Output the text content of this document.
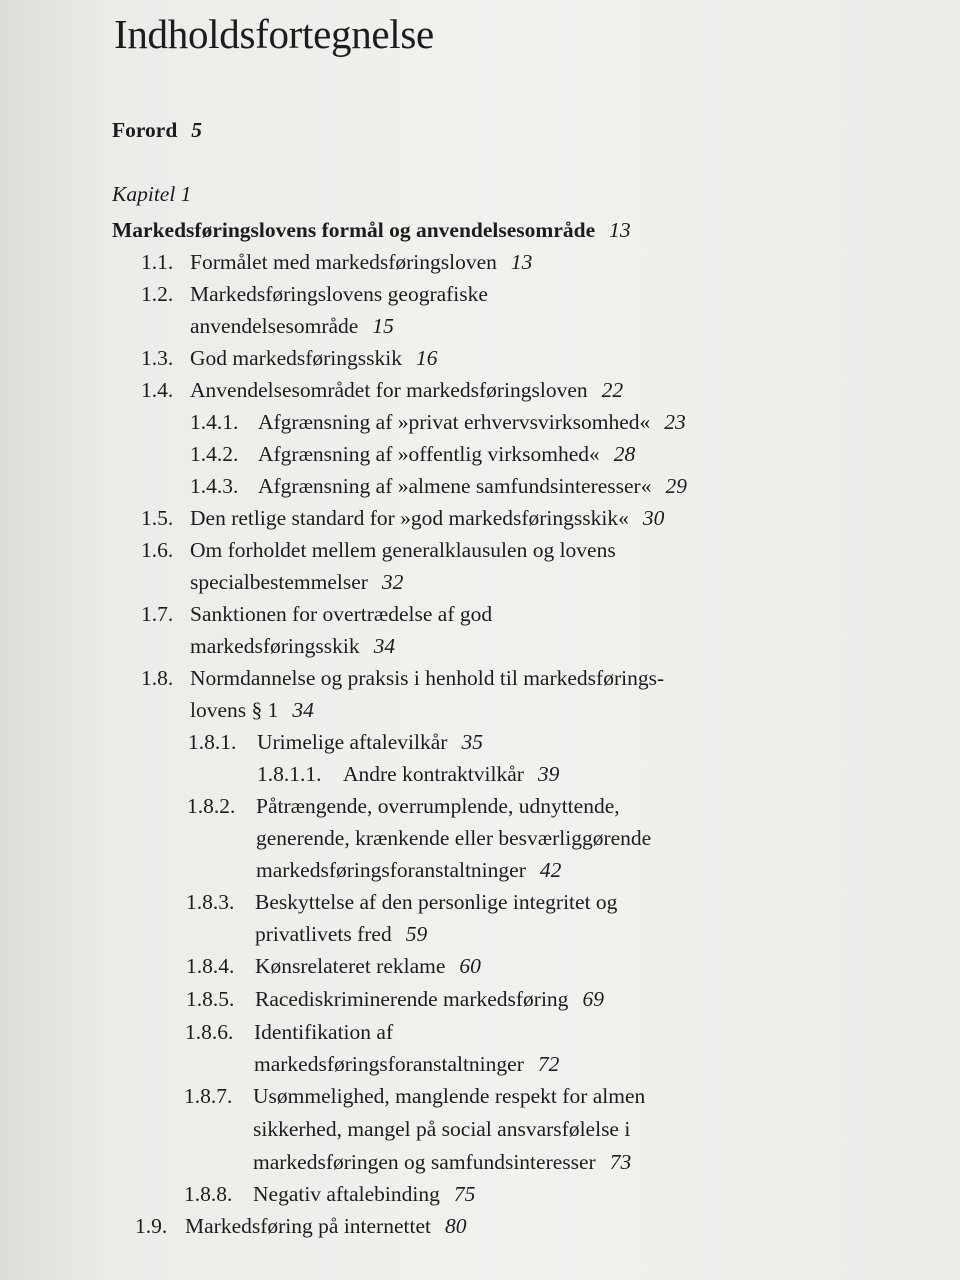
Indholdsfortegnelse
Forord 5
Kapitel 1
Markedsføringslovens formål og anvendelsesområde 13
1.1. Formålet med markedsføringsloven 13
1.2. Markedsføringslovens geografiske
anvendelsesområde 15
1.3. God markedsføringsskik 16
1.4. Anvendelsesområdet for markedsføringsloven 22
1.4.1. Afgrænsning af »privat erhvervsvirksomhed« 23
1.4.2. Afgrænsning af »offentlig virksomhed« 28
1.4.3. Afgrænsning af »almene samfundsinteresser« 29
1.5. Den retlige standard for »god markedsføringsskik« 30
1.6. Om forholdet mellem generalklausulen og lovens
specialbestemmelser 32
1.7. Sanktionen for overtrædelse af god
markedsføringsskik 34
1.8. Normdannelse og praksis i henhold til markedsførings-
lovens § 1 34
1.8.1. Urimelige aftalevilkår 35
1.8.1.1. Andre kontraktvilkår 39
1.8.2. Påtrængende, overrumplende, udnyttende,
generende, krænkende eller besværliggørende
markedsføringsforanstaltninger 42
1.8.3. Beskyttelse af den personlige integritet og
privatlivets fred 59
1.8.4. Kønsrelateret reklame 60
1.8.5. Racediskriminerende markedsføring 69
1.8.6. Identifikation af
markedsføringsforanstaltninger 72
1.8.7. Usømmelighed, manglende respekt for almen
sikkerhed, mangel på social ansvarsfølelse i
markedsføringen og samfundsinteresser 73
1.8.8. Negativ aftalebinding 75
1.9. Markedsføring på internettet 80
